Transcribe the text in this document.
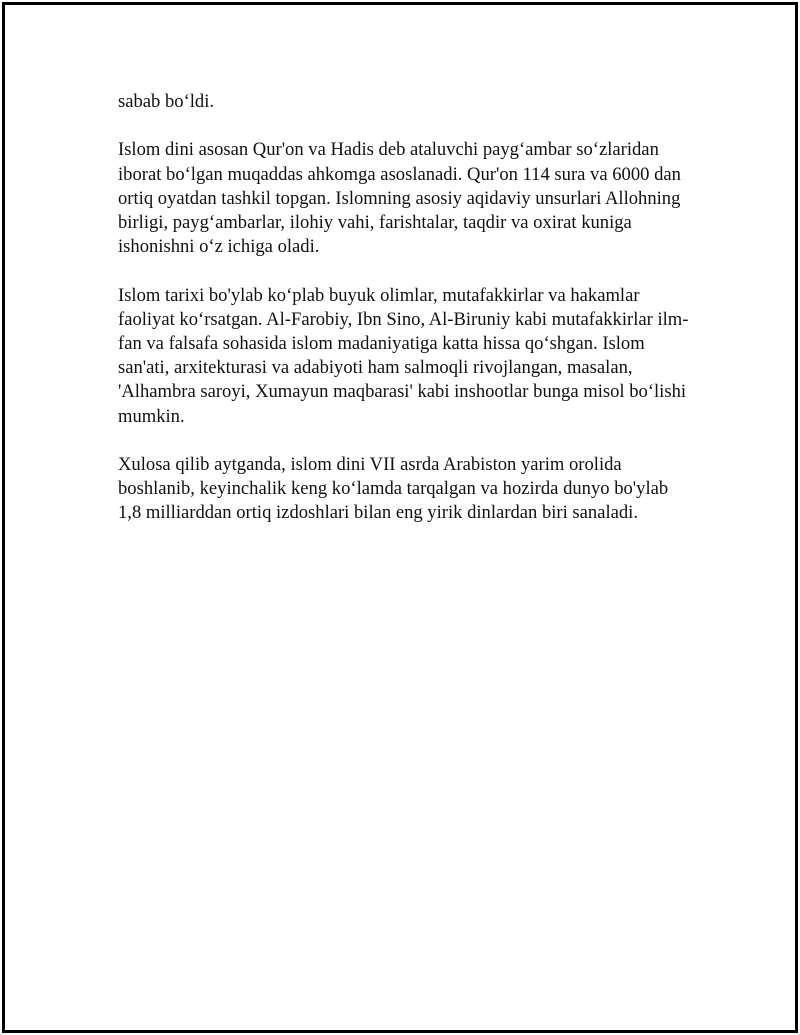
sabab bo‘ldi.

Islom dini asosan Qur'on va Hadis deb ataluvchi payg‘ambar so‘zlaridan iborat bo‘lgan muqaddas ahkomga asoslanadi. Qur'on 114 sura va 6000 dan ortiq oyatdan tashkil topgan. Islomning asosiy aqidaviy unsurlari Allohning birligi, payg‘ambarlar, ilohiy vahi, farishtalar, taqdir va oxirat kuniga ishonishni o‘z ichiga oladi.

Islom tarixi bo'ylab ko‘plab buyuk olimlar, mutafakkirlar va hakamlar faoliyat ko‘rsatgan. Al-Farobiy, Ibn Sino, Al-Biruniy kabi mutafakkirlar ilm-fan va falsafa sohasida islom madaniyatiga katta hissa qo‘shgan. Islom san'ati, arxitekturasi va adabiyoti ham salmoqli rivojlangan, masalan, 'Alhambra saroyi, Xumayun maqbarasi' kabi inshootlar bunga misol bo‘lishi mumkin.

Xulosa qilib aytganda, islom dini VII asrda Arabiston yarim orolida boshlanib, keyinchalik keng ko‘lamda tarqalgan va hozirda dunyo bo'ylab 1,8 milliarddan ortiq izdoshlari bilan eng yirik dinlardan biri sanaladi.
